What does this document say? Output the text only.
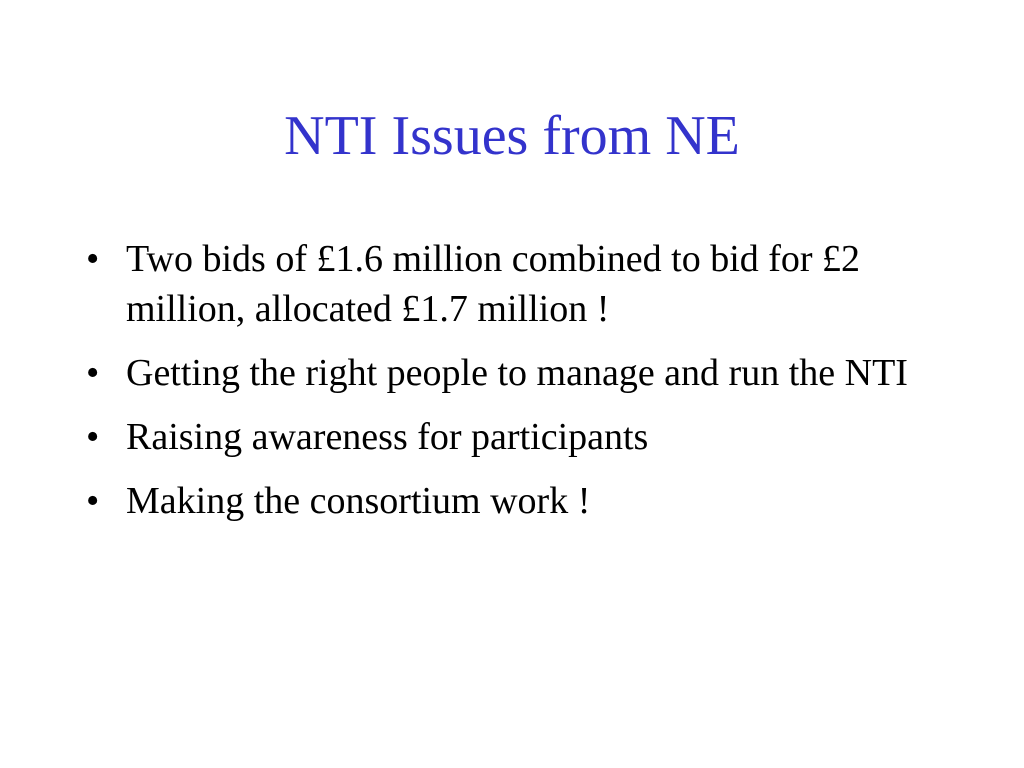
NTI Issues from NE
• Two bids of £1.6 million combined to bid for £2 million, allocated £1.7 million !
• Getting the right people to manage and run the NTI
• Raising awareness for participants
• Making the consortium work !
